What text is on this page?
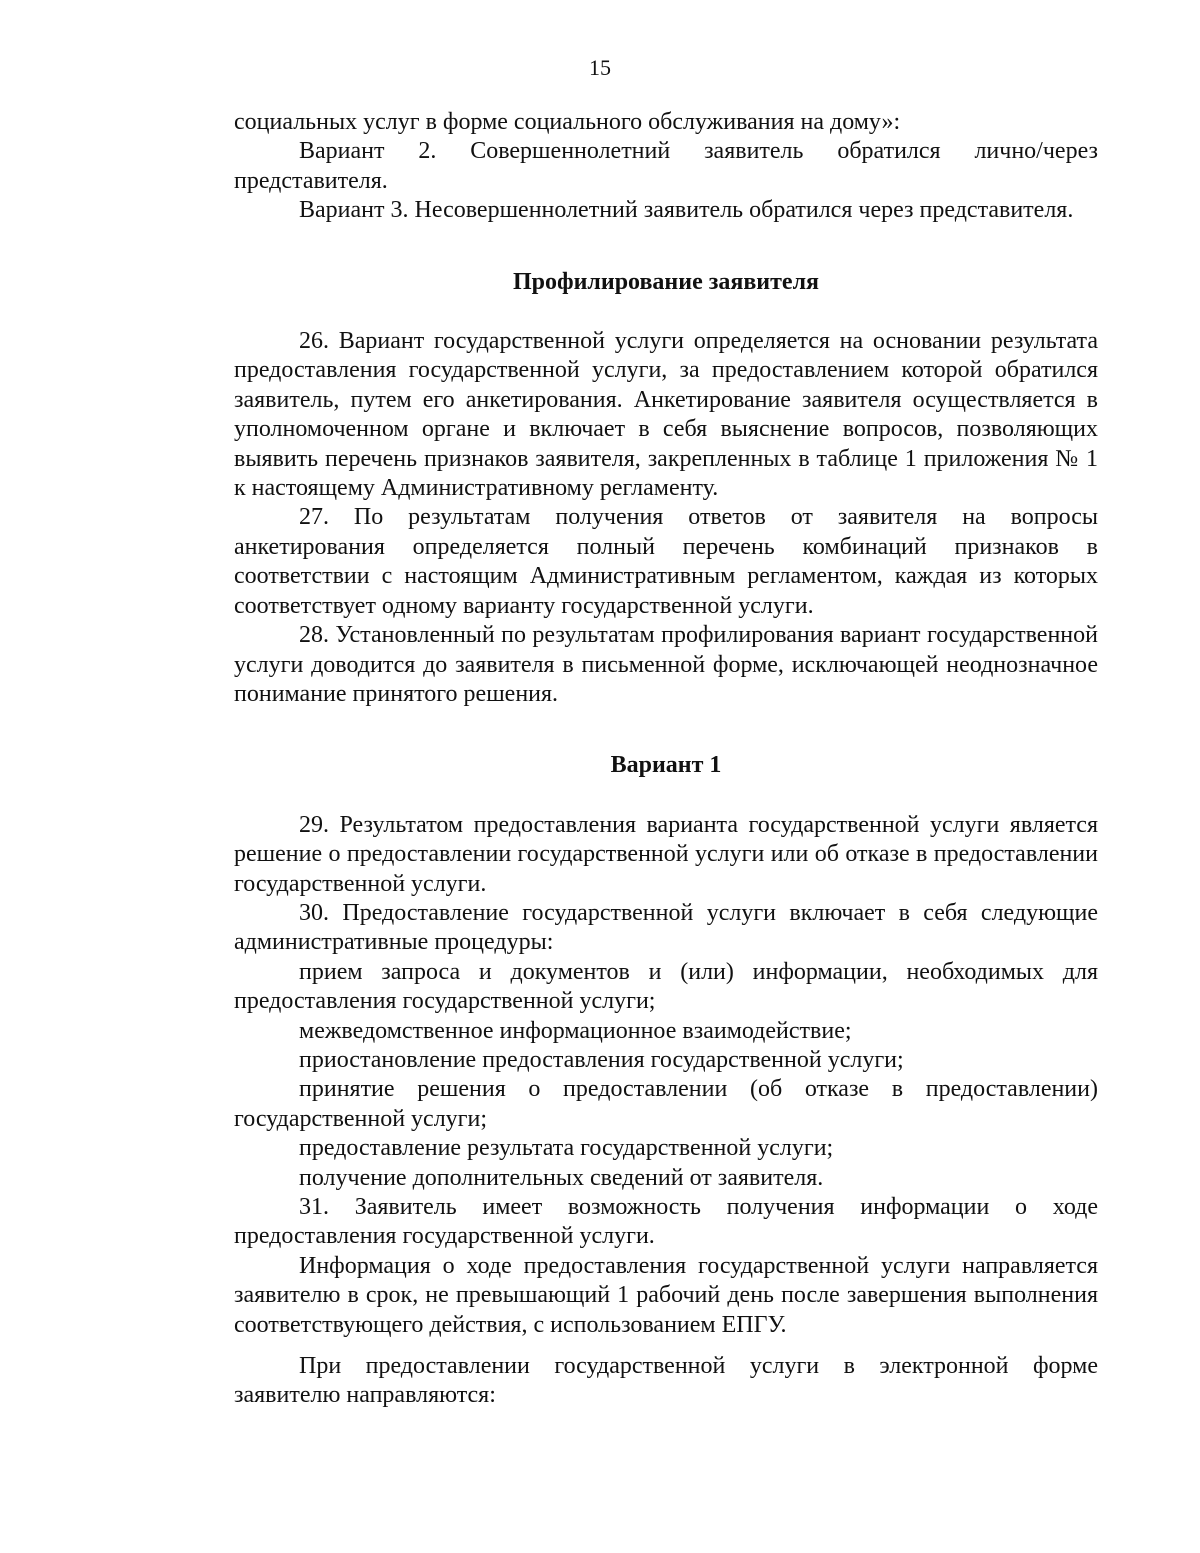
15

социальных услуг в форме социального обслуживания на дому»:

Вариант 2. Совершеннолетний заявитель обратился лично/через представителя.

Вариант 3. Несовершеннолетний заявитель обратился через представителя.

Профилирование заявителя

26. Вариант государственной услуги определяется на основании результата предоставления государственной услуги, за предоставлением которой обратился заявитель, путем его анкетирования. Анкетирование заявителя осуществляется в уполномоченном органе и включает в себя выяснение вопросов, позволяющих выявить перечень признаков заявителя, закрепленных в таблице 1 приложения № 1 к настоящему Административному регламенту.

27. По результатам получения ответов от заявителя на вопросы анкетирования определяется полный перечень комбинаций признаков в соответствии с настоящим Административным регламентом, каждая из которых соответствует одному варианту государственной услуги.

28. Установленный по результатам профилирования вариант государственной услуги доводится до заявителя в письменной форме, исключающей неоднозначное понимание принятого решения.

Вариант 1

29. Результатом предоставления варианта государственной услуги является решение о предоставлении государственной услуги или об отказе в предоставлении государственной услуги.

30. Предоставление государственной услуги включает в себя следующие административные процедуры:

прием запроса и документов и (или) информации, необходимых для предоставления государственной услуги;

межведомственное информационное взаимодействие;

приостановление предоставления государственной услуги;

принятие решения о предоставлении (об отказе в предоставлении) государственной услуги;

предоставление результата государственной услуги;

получение дополнительных сведений от заявителя.

31. Заявитель имеет возможность получения информации о ходе предоставления государственной услуги.

Информация о ходе предоставления государственной услуги направляется заявителю в срок, не превышающий 1 рабочий день после завершения выполнения соответствующего действия, с использованием ЕПГУ.

При предоставлении государственной услуги в электронной форме заявителю направляются:
